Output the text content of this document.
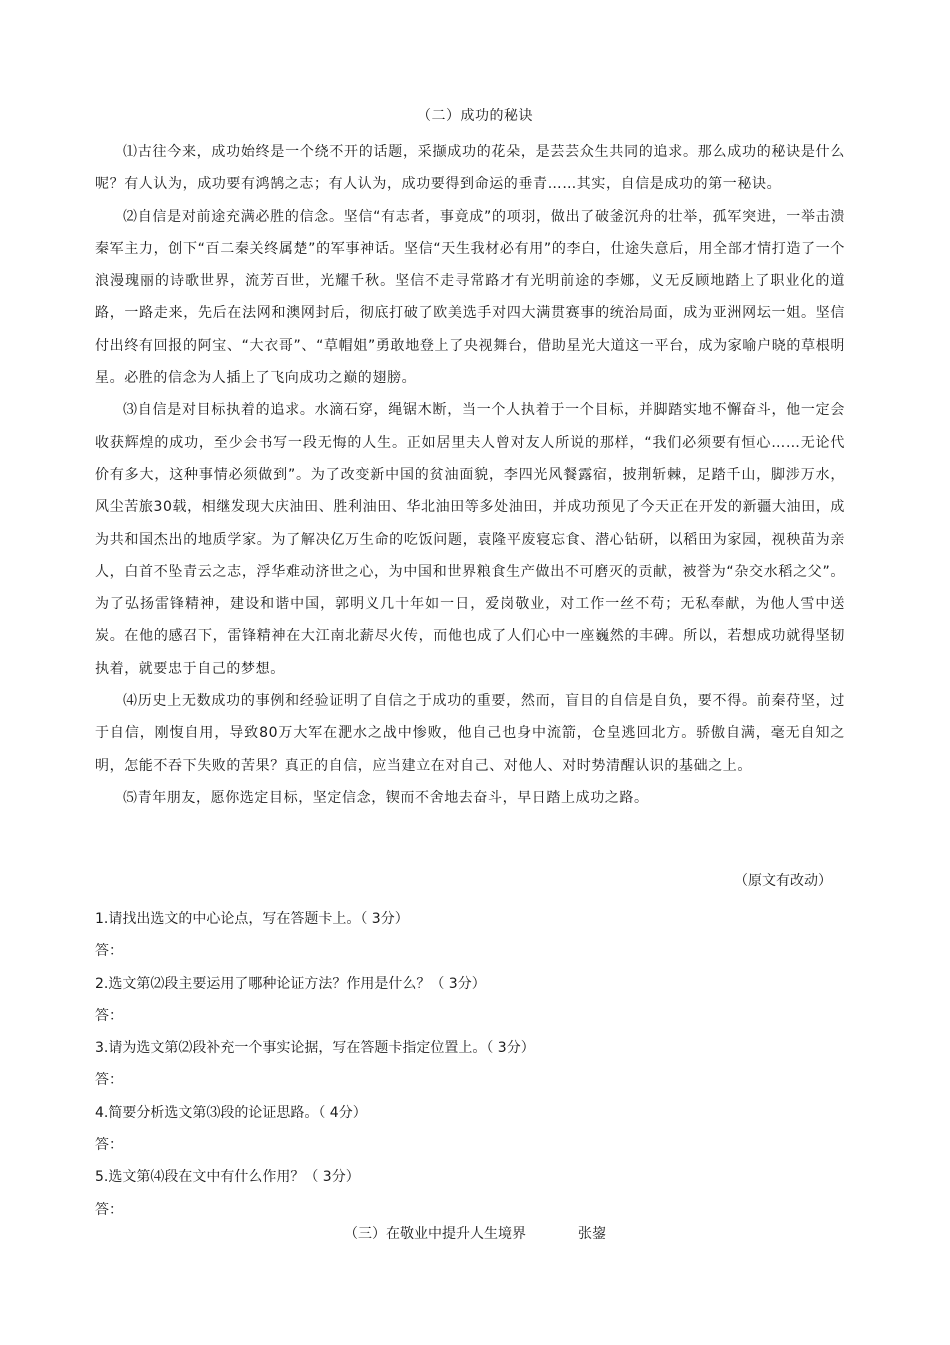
（二）成功的秘诀

⑴古往今来，成功始终是一个绕不开的话题，采撷成功的花朵，是芸芸众生共同的追求。那么成功的秘诀是什么呢？有人认为，成功要有鸿鹄之志；有人认为，成功要得到命运的垂青……其实，自信是成功的第一秘诀。

⑵自信是对前途充满必胜的信念。坚信“有志者，事竟成”的项羽，做出了破釜沉舟的壮举，孤军突进，一举击溃秦军主力，创下“百二秦关终属楚”的军事神话。坚信“天生我材必有用”的李白，仕途失意后，用全部才情打造了一个浪漫瑰丽的诗歌世界，流芳百世，光耀千秋。坚信不走寻常路才有光明前途的李娜，义无反顾地踏上了职业化的道路，一路走来，先后在法网和澳网封后，彻底打破了欧美选手对四大满贯赛事的统治局面，成为亚洲网坛一姐。坚信付出终有回报的阿宝、“大衣哥”、“草帽姐”勇敢地登上了央视舞台，借助星光大道这一平台，成为家喻户晓的草根明星。必胜的信念为人插上了飞向成功之巅的翅膀。

⑶自信是对目标执着的追求。水滴石穿，绳锯木断，当一个人执着于一个目标，并脚踏实地不懈奋斗，他一定会收获辉煌的成功，至少会书写一段无悔的人生。正如居里夫人曾对友人所说的那样，“我们必须要有恒心……无论代价有多大，这种事情必须做到”。为了改变新中国的贫油面貌，李四光风餐露宿，披荆斩棘，足踏千山，脚涉万水，风尘苦旅30载，相继发现大庆油田、胜利油田、华北油田等多处油田，并成功预见了今天正在开发的新疆大油田，成为共和国杰出的地质学家。为了解决亿万生命的吃饭问题，袁隆平废寝忘食、潜心钻研，以稻田为家园，视秧苗为亲人，白首不坠青云之志，浮华难动济世之心，为中国和世界粮食生产做出不可磨灭的贡献，被誉为“杂交水稻之父”。为了弘扬雷锋精神，建设和谐中国，郭明义几十年如一日，爱岗敬业，对工作一丝不苟；无私奉献，为他人雪中送炭。在他的感召下，雷锋精神在大江南北薪尽火传，而他也成了人们心中一座巍然的丰碑。所以，若想成功就得坚韧执着，就要忠于自己的梦想。

⑷历史上无数成功的事例和经验证明了自信之于成功的重要，然而，盲目的自信是自负，要不得。前秦苻坚，过于自信，刚愎自用，导致80万大军在淝水之战中惨败，他自己也身中流箭，仓皇逃回北方。骄傲自满，毫无自知之明，怎能不吞下失败的苦果？真正的自信，应当建立在对自己、对他人、对时势清醒认识的基础之上。

⑸青年朋友，愿你选定目标，坚定信念，锲而不舍地去奋斗，早日踏上成功之路。

（原文有改动）
1.请找出选文的中心论点，写在答题卡上。（ 3分）
答：
2.选文第⑵段主要运用了哪种论证方法？作用是什么？（ 3分）
答：
3.请为选文第⑵段补充一个事实论据，写在答题卡指定位置上。（ 3分）
答：
4.简要分析选文第⑶段的论证思路。（ 4分）
答：
5.选文第⑷段在文中有什么作用？（ 3分）
答：
（三）在敬业中提升人生境界	张鋆
